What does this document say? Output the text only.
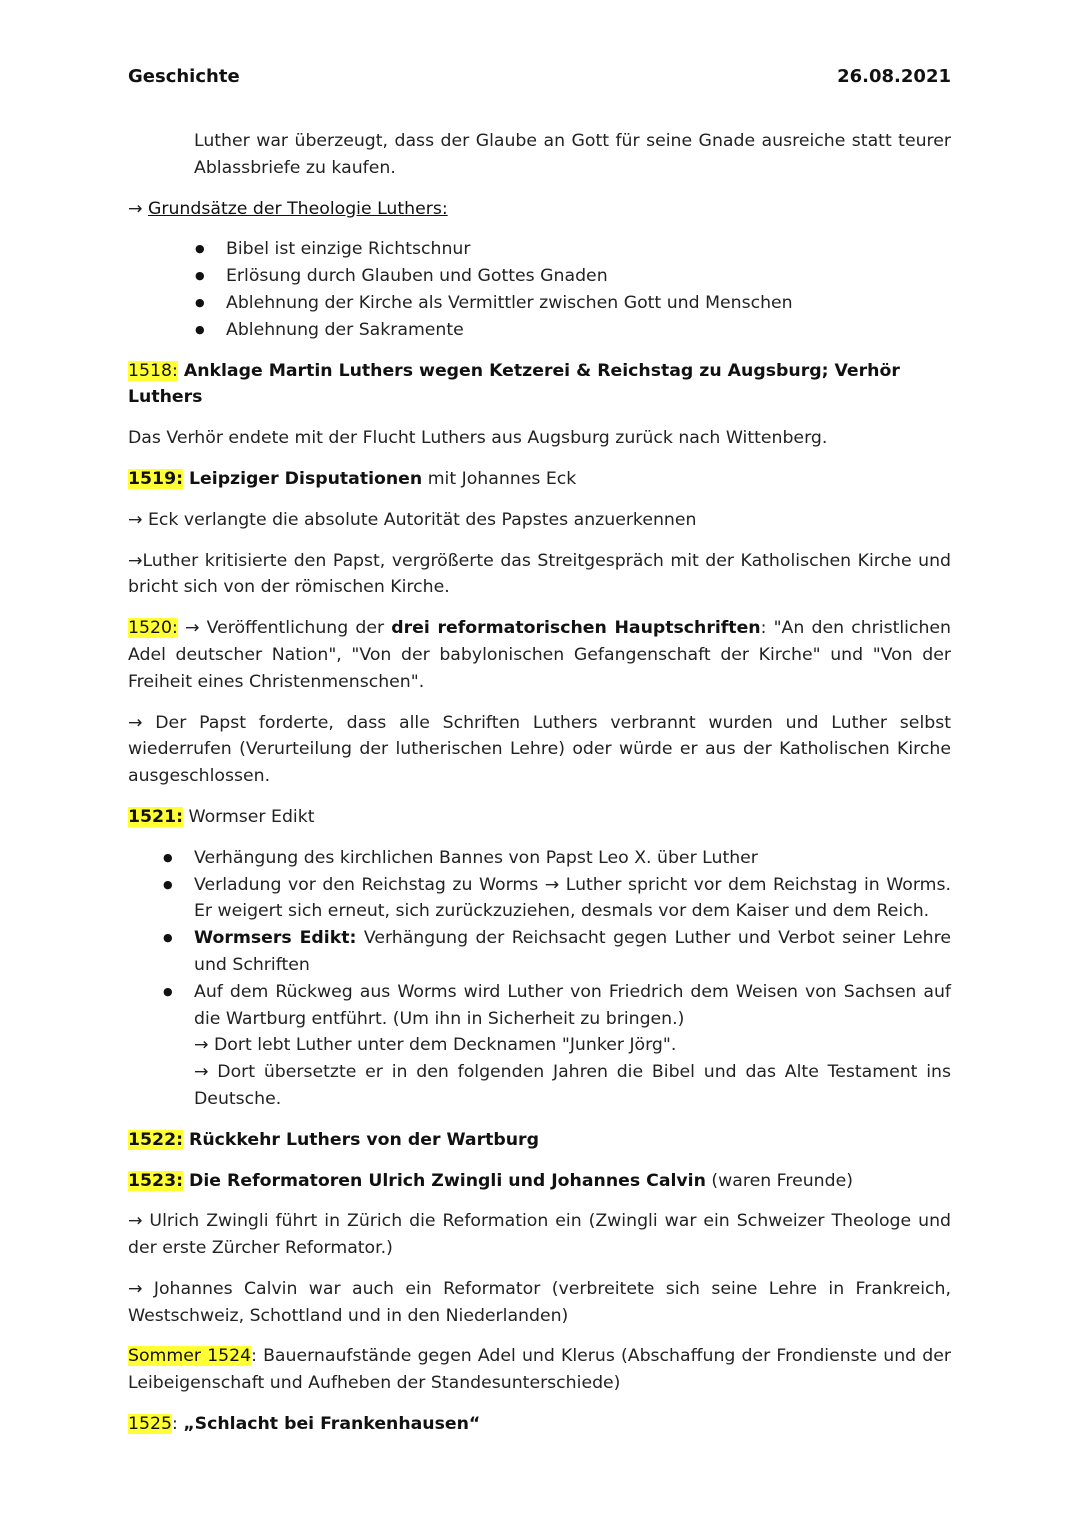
Geschichte	26.08.2021

Luther war überzeugt, dass der Glaube an Gott für seine Gnade ausreiche statt teurer Ablassbriefe zu kaufen.

→ Grundsätze der Theologie Luthers:

● Bibel ist einzige Richtschnur
● Erlösung durch Glauben und Gottes Gnaden
● Ablehnung der Kirche als Vermittler zwischen Gott und Menschen
● Ablehnung der Sakramente

1518: Anklage Martin Luthers wegen Ketzerei & Reichstag zu Augsburg; Verhör Luthers

Das Verhör endete mit der Flucht Luthers aus Augsburg zurück nach Wittenberg.

1519: Leipziger Disputationen mit Johannes Eck

→ Eck verlangte die absolute Autorität des Papstes anzuerkennen

→Luther kritisierte den Papst, vergrößerte das Streitgespräch mit der Katholischen Kirche und bricht sich von der römischen Kirche.

1520: → Veröffentlichung der drei reformatorischen Hauptschriften: "An den christlichen Adel deutscher Nation", "Von der babylonischen Gefangenschaft der Kirche" und "Von der Freiheit eines Christenmenschen".

→ Der Papst forderte, dass alle Schriften Luthers verbrannt wurden und Luther selbst wiederrufen (Verurteilung der lutherischen Lehre) oder würde er aus der Katholischen Kirche ausgeschlossen.

1521: Wormser Edikt

● Verhängung des kirchlichen Bannes von Papst Leo X. über Luther
● Verladung vor den Reichstag zu Worms → Luther spricht vor dem Reichstag in Worms. Er weigert sich erneut, sich zurückzuziehen, desmals vor dem Kaiser und dem Reich.
● Wormsers Edikt: Verhängung der Reichsacht gegen Luther und Verbot seiner Lehre und Schriften
● Auf dem Rückweg aus Worms wird Luther von Friedrich dem Weisen von Sachsen auf die Wartburg entführt. (Um ihn in Sicherheit zu bringen.)
→ Dort lebt Luther unter dem Decknamen "Junker Jörg".
→ Dort übersetzte er in den folgenden Jahren die Bibel und das Alte Testament ins Deutsche.

1522: Rückkehr Luthers von der Wartburg

1523: Die Reformatoren Ulrich Zwingli und Johannes Calvin (waren Freunde)

→ Ulrich Zwingli führt in Zürich die Reformation ein (Zwingli war ein Schweizer Theologe und der erste Zürcher Reformator.)

→ Johannes Calvin war auch ein Reformator (verbreitete sich seine Lehre in Frankreich, Westschweiz, Schottland und in den Niederlanden)

Sommer 1524: Bauernaufstände gegen Adel und Klerus (Abschaffung der Frondienste und der Leibeigenschaft und Aufheben der Standesunterschiede)

1525: „Schlacht bei Frankenhausen“
